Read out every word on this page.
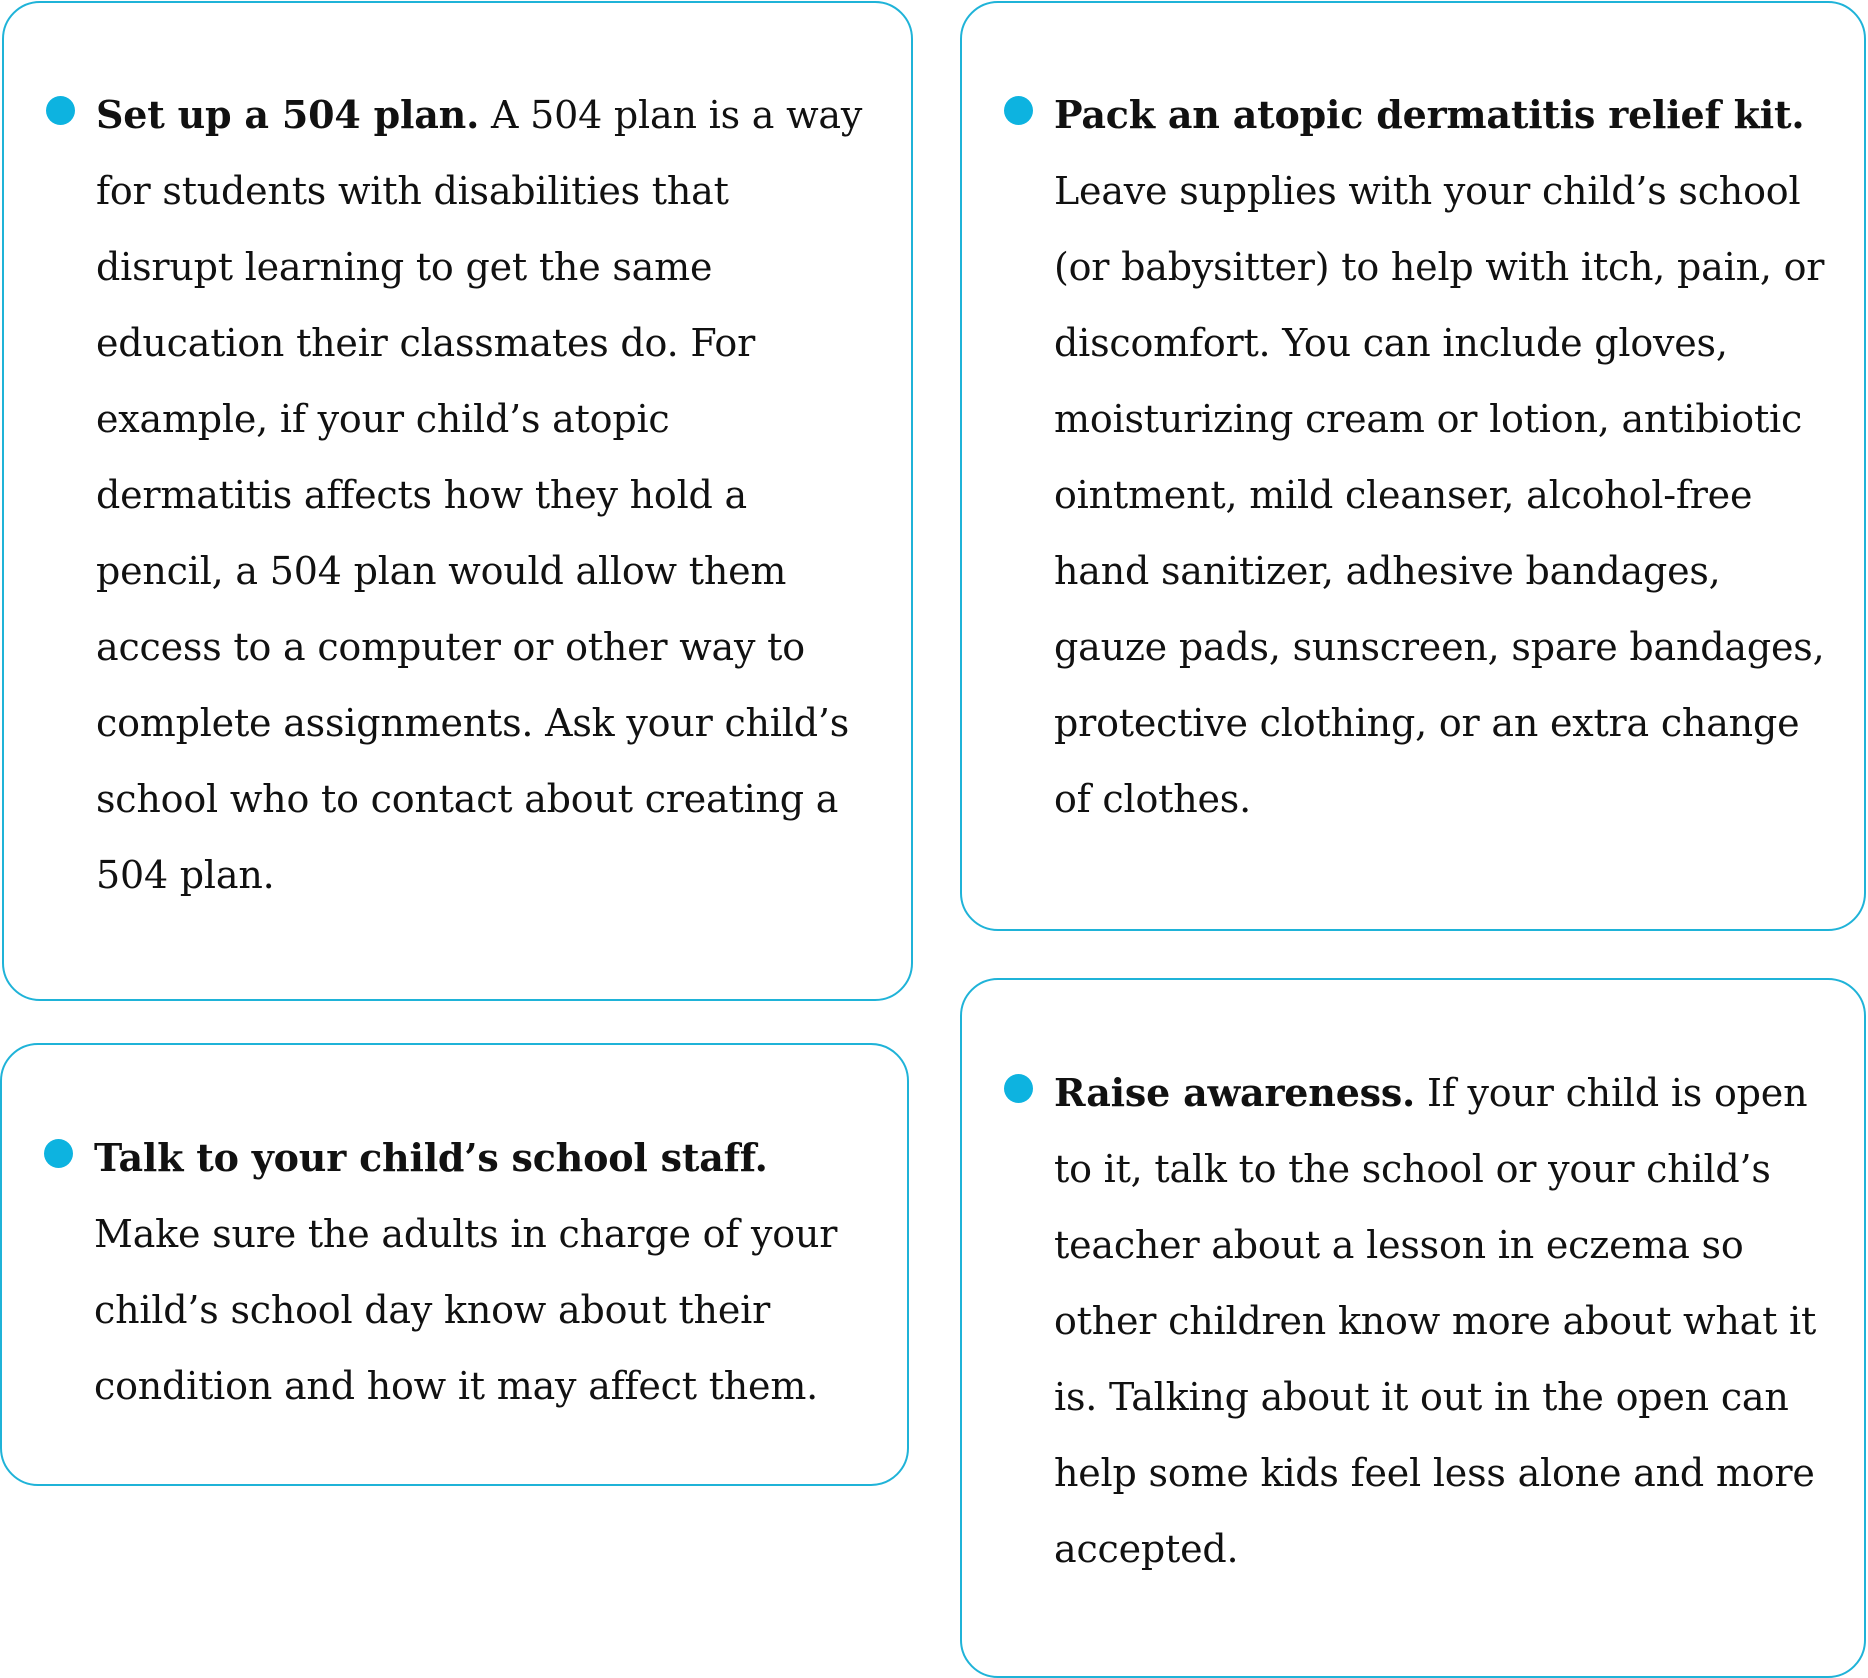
Set up a 504 plan. A 504 plan is a way for students with disabilities that disrupt learning to get the same education their classmates do. For example, if your child’s atopic dermatitis affects how they hold a pencil, a 504 plan would allow them access to a computer or other way to complete assignments. Ask your child’s school who to contact about creating a 504 plan.

Talk to your child’s school staff. Make sure the adults in charge of your child’s school day know about their condition and how it may affect them.

Pack an atopic dermatitis relief kit. Leave supplies with your child’s school (or babysitter) to help with itch, pain, or discomfort. You can include gloves, moisturizing cream or lotion, antibiotic ointment, mild cleanser, alcohol-free hand sanitizer, adhesive bandages, gauze pads, sunscreen, spare bandages, protective clothing, or an extra change of clothes.

Raise awareness. If your child is open to it, talk to the school or your child’s teacher about a lesson in eczema so other children know more about what it is. Talking about it out in the open can help some kids feel less alone and more accepted.
